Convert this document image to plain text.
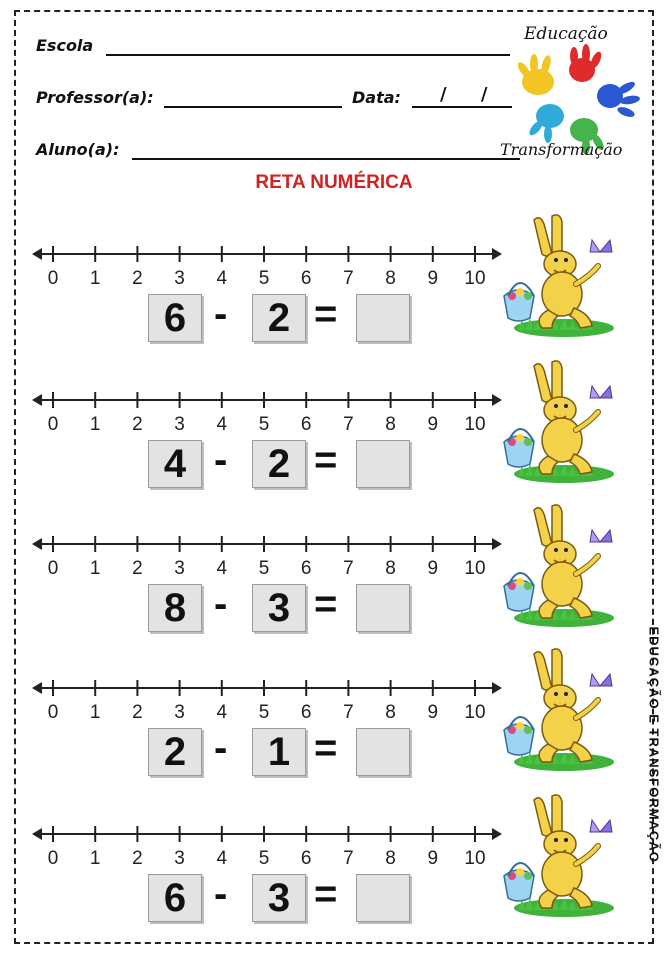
Escola
Professor(a):	Data: / /
Aluno(a):
Educação
e
Transformação
RETA NUMÉRICA
-EDUCAÇÃO E TRANSFORMAÇÃO
0 1 2 3 4 5 6 7 8 9 10
6 -	2 =
0 1 2 3 4 5 6 7 8 9 10
4 -	2 =
0 1 2 3 4 5 6 7 8 9 10
8 -	3 =
0 1 2 3 4 5 6 7 8 9 10
2 -	1 =
0 1 2 3 4 5 6 7 8 9 10
6 -	3 =
